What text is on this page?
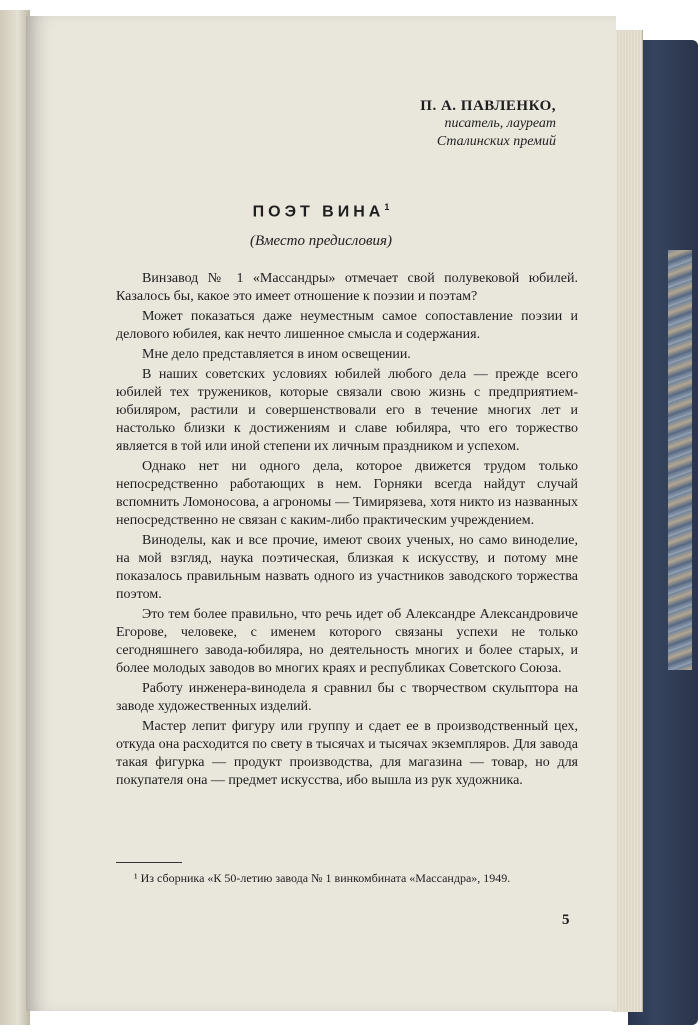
П. А. ПАВЛЕНКО,
писатель, лауреат
Сталинских премий
ПОЭТ ВИНА$^1$
(Вместо предисловия)

Винзавод № 1 «Массандры» отмечает свой полувековой юбилей. Казалось бы, какое это имеет отношение к поэзии и поэтам?

Может показаться даже неуместным самое сопоставление поэзии и делового юбилея, как нечто лишенное смысла и содержания.

Мне дело представляется в ином освещении.

В наших советских условиях юбилей любого дела — прежде всего юбилей тех тружеников, которые связали свою жизнь с предприятием-юбиляром, растили и совершенствовали его в течение многих лет и настолько близки к достижениям и славе юбиляра, что его торжество является в той или иной степени их личным праздником и успехом.

Однако нет ни одного дела, которое движется трудом только непосредственно работающих в нем. Горняки всегда найдут случай вспомнить Ломоносова, а агрономы — Тимирязева, хотя никто из названных непосредственно не связан с каким-либо практическим учреждением.

Виноделы, как и все прочие, имеют своих ученых, но само виноделие, на мой взгляд, наука поэтическая, близкая к искусству, и потому мне показалось правильным назвать одного из участников заводского торжества поэтом.

Это тем более правильно, что речь идет об Александре Александровиче Егорове, человеке, с именем которого связаны успехи не только сегодняшнего завода-юбиляра, но деятельность многих и более старых, и более молодых заводов во многих краях и республиках Советского Союза.

Работу инженера-винодела я сравнил бы с творчеством скульптора на заводе художественных изделий.

Мастер лепит фигуру или группу и сдает ее в производственный цех, откуда она расходится по свету в тысячах и тысячах экземпляров. Для завода такая фигурка — продукт производства, для магазина — товар, но для покупателя она — предмет искусства, ибо вышла из рук художника.

¹ Из сборника «К 50-летию завода № 1 винкомбината «Массандра», 1949.
5
